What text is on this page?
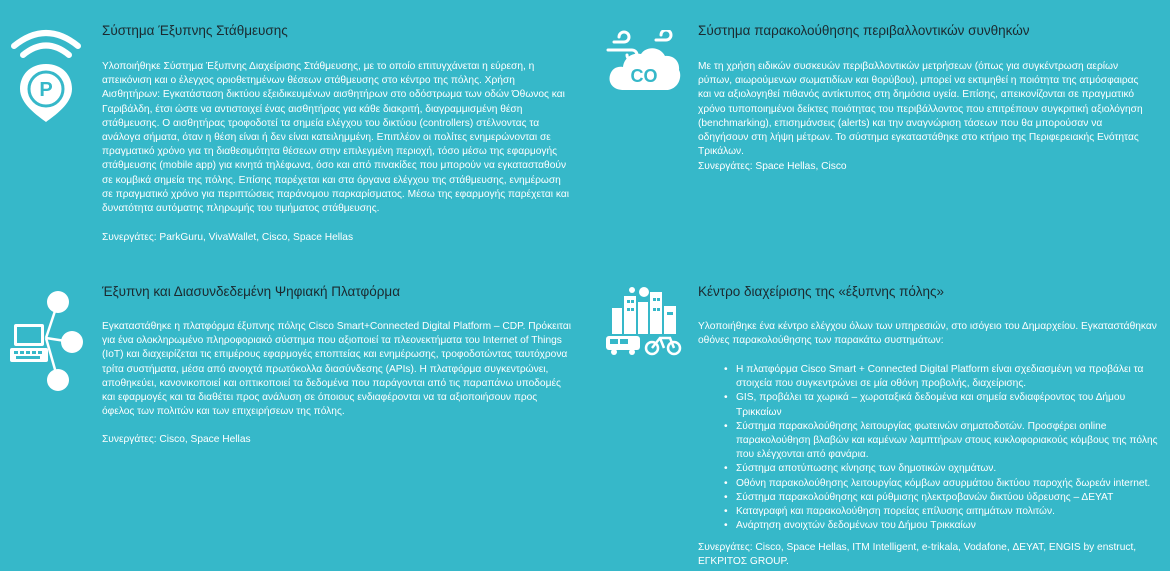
P
Σύστημα Έξυπνης Στάθμευσης
Υλοποιήθηκε Σύστημα Έξυπνης Διαχείρισης Στάθμευσης, με το οποίο επιτυγχάνεται η εύρεση, η απεικόνιση και ο έλεγχος οριοθετημένων θέσεων στάθμευσης στο κέντρο της πόλης. Χρήση Αισθητήρων: Εγκατάσταση δικτύου εξειδικευμένων αισθητήρων στο οδόστρωμα των οδών Όθωνος και Γαριβάλδη, έτσι ώστε να αντιστοιχεί ένας αισθητήρας για κάθε διακριτή, διαγραμμισμένη θέση στάθμευσης. Ο αισθητήρας τροφοδοτεί τα σημεία ελέγχου του δικτύου (controllers) στέλνοντας τα ανάλογα σήματα, όταν η θέση είναι ή δεν είναι κατειλημμένη. Επιπλέον οι πολίτες ενημερώνονται σε πραγματικό χρόνο για τη διαθεσιμότητα θέσεων στην επιλεγμένη περιοχή, τόσο μέσω της εφαρμογής στάθμευσης (mobile app) για κινητά τηλέφωνα, όσο και από πινακίδες που μπορούν να εγκατασταθούν σε κομβικά σημεία της πόλης. Επίσης παρέχεται και στα όργανα ελέγχου της στάθμευσης, ενημέρωση σε πραγματικό χρόνο για περιπτώσεις παράνομου παρκαρίσματος. Μέσω της εφαρμογής παρέχεται και δυνατότητα αυτόματης πληρωμής του τιμήματος στάθμευσης.
Συνεργάτες: ParkGuru, VivaWallet, Cisco, Space Hellas
CO
Σύστημα παρακολούθησης περιβαλλοντικών συνθηκών
Με τη χρήση ειδικών συσκευών περιβαλλοντικών μετρήσεων (όπως για συγκέντρωση αερίων ρύπων, αιωρούμενων σωματιδίων και θορύβου), μπορεί να εκτιμηθεί η ποιότητα της ατμόσφαιρας και να αξιολογηθεί πιθανός αντίκτυπος στη δημόσια υγεία. Επίσης, απεικονίζονται σε πραγματικό χρόνο τυποποιημένοι δείκτες ποιότητας του περιβάλλοντος που επιτρέπουν συγκριτική αξιολόγηση (benchmarking), επισημάνσεις (alerts) και την αναγνώριση τάσεων που θα μπορούσαν να οδηγήσουν στη λήψη μέτρων. Το σύστημα εγκαταστάθηκε στο κτήριο της Περιφερειακής Ενότητας Τρικάλων.
Συνεργάτες: Space Hellas, Cisco
Έξυπνη και Διασυνδεδεμένη Ψηφιακή Πλατφόρμα
Εγκαταστάθηκε η πλατφόρμα έξυπνης πόλης Cisco Smart+Connected Digital Platform – CDP. Πρόκειται για ένα ολοκληρωμένο πληροφοριακό σύστημα που αξιοποιεί τα πλεονεκτήματα του Internet of Things (IoT) και διαχειρίζεται τις επιμέρους εφαρμογές εποπτείας και ενημέρωσης, τροφοδοτώντας ταυτόχρονα τρίτα συστήματα, μέσα από ανοιχτά πρωτόκολλα διασύνδεσης (APIs). Η πλατφόρμα συγκεντρώνει, αποθηκεύει, κανονικοποιεί και οπτικοποιεί τα δεδομένα που παράγονται από τις παραπάνω υποδομές και εφαρμογές και τα διαθέτει προς ανάλυση σε όποιους ενδιαφέρονται να τα αξιοποιήσουν προς όφελος των πολιτών και των επιχειρήσεων της πόλης.
Συνεργάτες: Cisco, Space Hellas
Κέντρο διαχείρισης της «έξυπνης πόλης»
Υλοποιήθηκε ένα κέντρο ελέγχου όλων των υπηρεσιών, στο ισόγειο του Δημαρχείου. Εγκαταστάθηκαν οθόνες παρακολούθησης των παρακάτω συστημάτων:
• Η πλατφόρμα Cisco Smart + Connected Digital Platform είναι σχεδιασμένη να προβάλει τα στοιχεία που συγκεντρώνει σε μία οθόνη προβολής, διαχείρισης.
• GIS, προβάλει τα χωρικά – χωροταξικά δεδομένα και σημεία ενδιαφέροντος του Δήμου Τρικκαίων
• Σύστημα παρακολούθησης λειτουργίας φωτεινών σηματοδοτών. Προσφέρει online παρακολούθηση βλαβών και καμένων λαμπτήρων στους κυκλοφοριακούς κόμβους της πόλης που ελέγχονται από φανάρια.
• Σύστημα αποτύπωσης κίνησης των δημοτικών οχημάτων.
• Οθόνη παρακολούθησης λειτουργίας κόμβων ασυρμάτου δικτύου παροχής δωρεάν internet.
• Σύστημα παρακολούθησης και ρύθμισης ηλεκτροβανών δικτύου ύδρευσης – ΔΕΥΑΤ
• Καταγραφή και παρακολούθηση πορείας επίλυσης αιτημάτων πολιτών.
• Ανάρτηση ανοιχτών δεδομένων του Δήμου Τρικκαίων
Συνεργάτες: Cisco, Space Hellas, ITM Intelligent, e-trikala, Vodafone, ΔΕΥΑΤ, ENGIS by enstruct, ΕΓΚΡΙΤΟΣ GROUP.
